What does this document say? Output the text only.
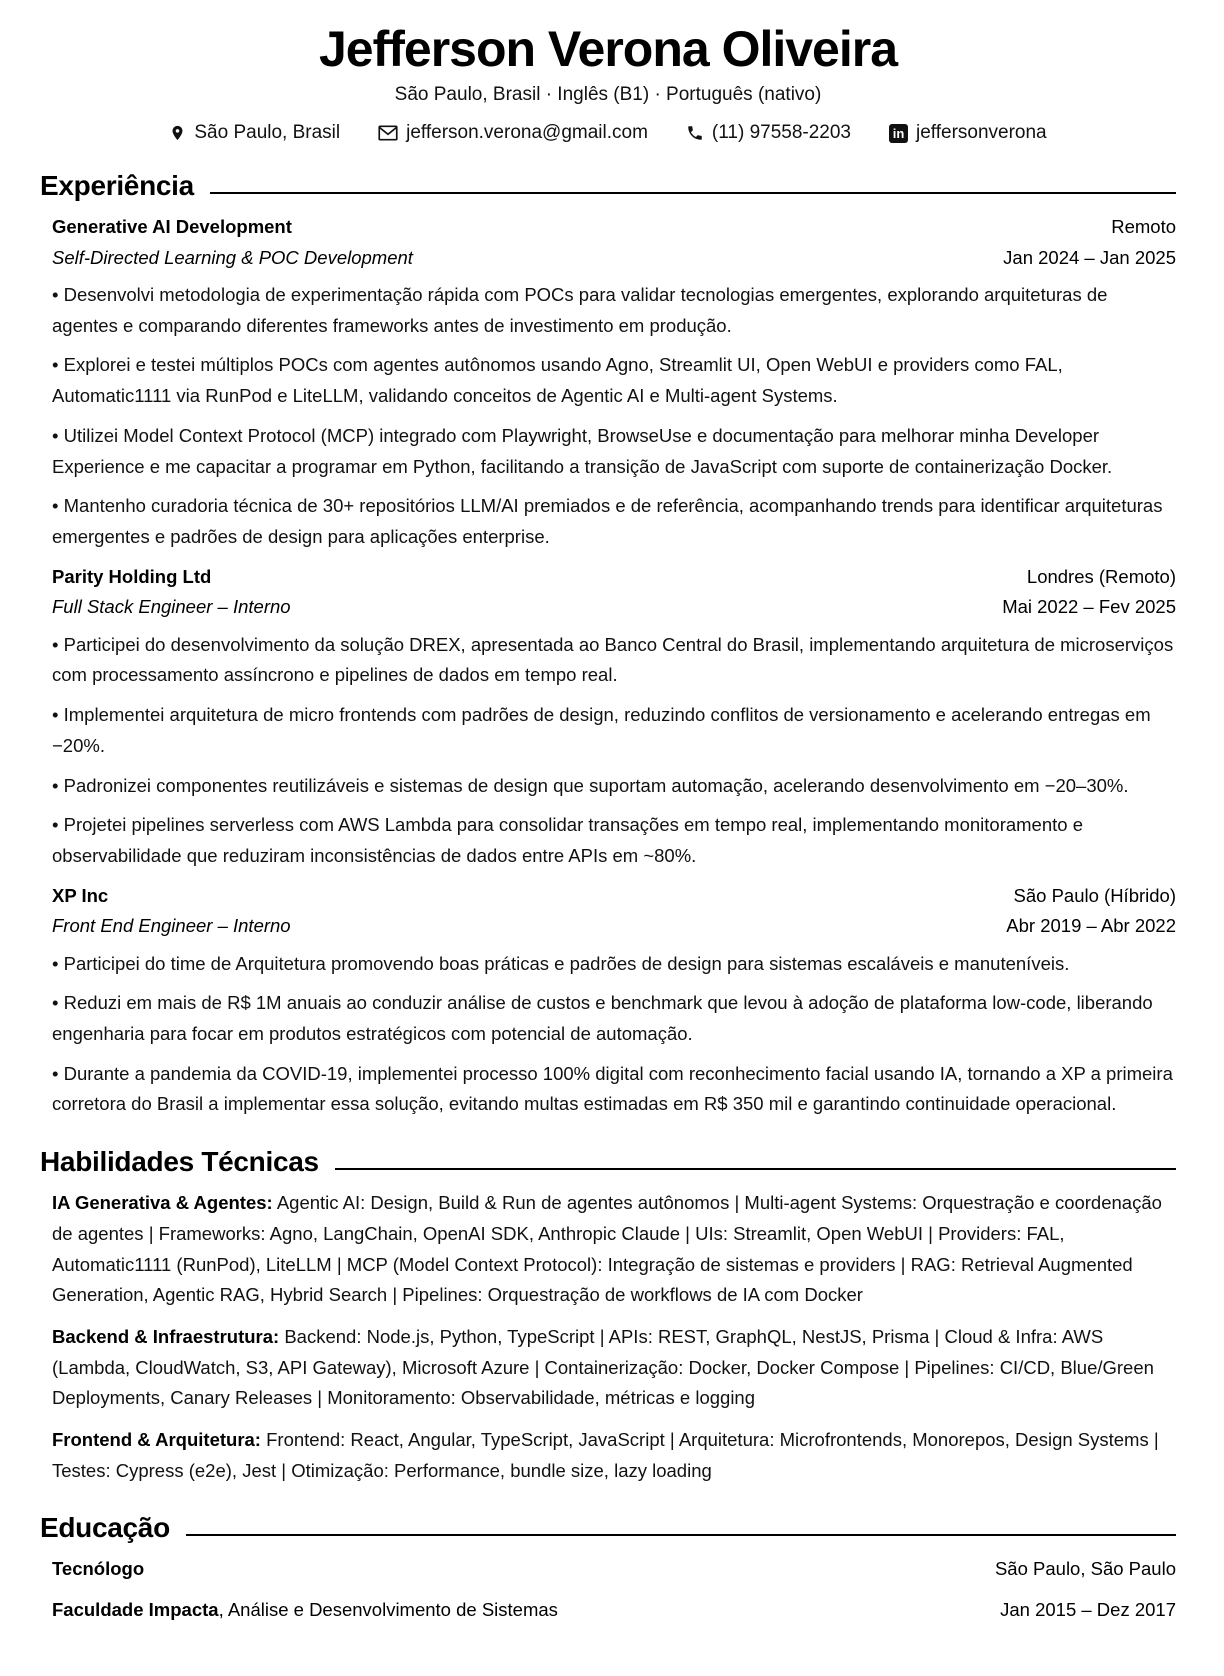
Jefferson Verona Oliveira
São Paulo, Brasil · Inglês (B1) · Português (nativo)
São Paulo, Brasil	jefferson.verona@gmail.com	(11) 97558-2203	in jeffersonverona
Experiência
Generative AI Development	Remoto
Self-Directed Learning & POC Development	Jan 2024 – Jan 2025

• Desenvolvi metodologia de experimentação rápida com POCs para validar tecnologias emergentes, explorando arquiteturas de agentes e comparando diferentes frameworks antes de investimento em produção.

• Explorei e testei múltiplos POCs com agentes autônomos usando Agno, Streamlit UI, Open WebUI e providers como FAL, Automatic1111 via RunPod e LiteLLM, validando conceitos de Agentic AI e Multi-agent Systems.

• Utilizei Model Context Protocol (MCP) integrado com Playwright, BrowseUse e documentação para melhorar minha Developer Experience e me capacitar a programar em Python, facilitando a transição de JavaScript com suporte de containerização Docker.

• Mantenho curadoria técnica de 30+ repositórios LLM/AI premiados e de referência, acompanhando trends para identificar arquiteturas emergentes e padrões de design para aplicações enterprise.

Parity Holding Ltd	Londres (Remoto)
Full Stack Engineer – Interno	Mai 2022 – Fev 2025

• Participei do desenvolvimento da solução DREX, apresentada ao Banco Central do Brasil, implementando arquitetura de microserviços com processamento assíncrono e pipelines de dados em tempo real.

• Implementei arquitetura de micro frontends com padrões de design, reduzindo conflitos de versionamento e acelerando entregas em −20%.

• Padronizei componentes reutilizáveis e sistemas de design que suportam automação, acelerando desenvolvimento em −20–30%.

• Projetei pipelines serverless com AWS Lambda para consolidar transações em tempo real, implementando monitoramento e observabilidade que reduziram inconsistências de dados entre APIs em ~80%.

XP Inc	São Paulo (Híbrido)
Front End Engineer – Interno	Abr 2019 – Abr 2022

• Participei do time de Arquitetura promovendo boas práticas e padrões de design para sistemas escaláveis e manuteníveis.

• Reduzi em mais de R$ 1M anuais ao conduzir análise de custos e benchmark que levou à adoção de plataforma low-code, liberando engenharia para focar em produtos estratégicos com potencial de automação.

• Durante a pandemia da COVID-19, implementei processo 100% digital com reconhecimento facial usando IA, tornando a XP a primeira corretora do Brasil a implementar essa solução, evitando multas estimadas em R$ 350 mil e garantindo continuidade operacional.

Habilidades Técnicas

IA Generativa & Agentes: Agentic AI: Design, Build & Run de agentes autônomos | Multi-agent Systems: Orquestração e coordenação de agentes | Frameworks: Agno, LangChain, OpenAI SDK, Anthropic Claude | UIs: Streamlit, Open WebUI | Providers: FAL, Automatic1111 (RunPod), LiteLLM | MCP (Model Context Protocol): Integração de sistemas e providers | RAG: Retrieval Augmented Generation, Agentic RAG, Hybrid Search | Pipelines: Orquestração de workflows de IA com Docker

Backend & Infraestrutura: Backend: Node.js, Python, TypeScript | APIs: REST, GraphQL, NestJS, Prisma | Cloud & Infra: AWS (Lambda, CloudWatch, S3, API Gateway), Microsoft Azure | Containerização: Docker, Docker Compose | Pipelines: CI/CD, Blue/Green Deployments, Canary Releases | Monitoramento: Observabilidade, métricas e logging

Frontend & Arquitetura: Frontend: React, Angular, TypeScript, JavaScript | Arquitetura: Microfrontends, Monorepos, Design Systems | Testes: Cypress (e2e), Jest | Otimização: Performance, bundle size, lazy loading

Educação
Tecnólogo	São Paulo, São Paulo
Faculdade Impacta, Análise e Desenvolvimento de Sistemas	Jan 2015 – Dez 2017
